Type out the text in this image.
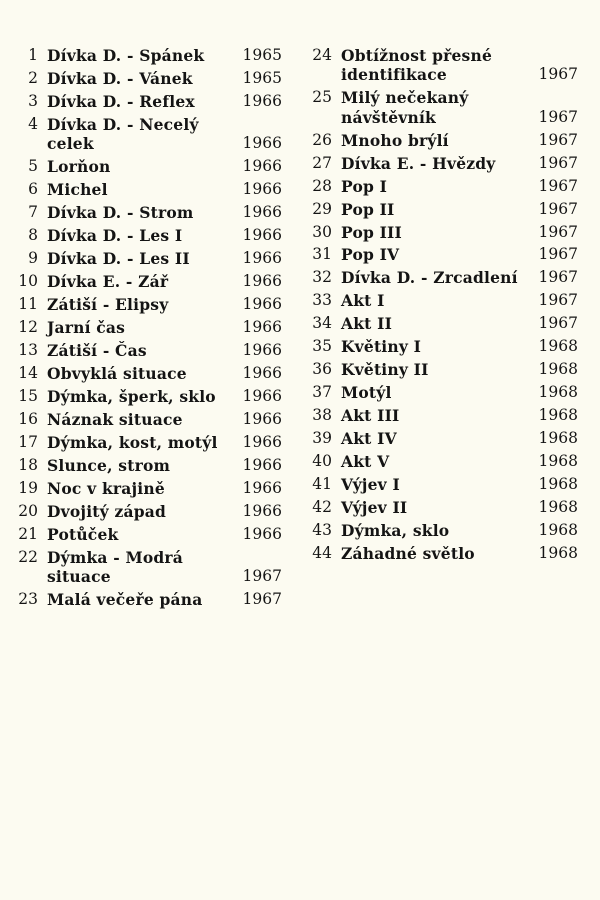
1 Dívka D. - Spánek	1965
2 Dívka D. - Vánek	1965
3 Dívka D. - Reflex	1966
4 Dívka D. - Necelý celek	1966
5 Lorňon	1966
6 Michel	1966
7 Dívka D. - Strom	1966
8 Dívka D. - Les I	1966
9 Dívka D. - Les II	1966
10 Dívka E. - Zář	1966
11 Zátiší - Elipsy	1966
12 Jarní čas	1966
13 Zátiší - Čas	1966
14 Obvyklá situace	1966
15 Dýmka, šperk, sklo	1966
16 Náznak situace	1966
17 Dýmka, kost, motýl	1966
18 Slunce, strom	1966
19 Noc v krajině	1966
20 Dvojitý západ	1966
21 Potůček	1966
22 Dýmka - Modrá situace	1967
23 Malá večeře pána	1967
24 Obtížnost přesné identifikace	1967
25 Milý nečekaný návštěvník	1967
26 Mnoho brýlí	1967
27 Dívka E. - Hvězdy	1967
28 Pop I	1967
29 Pop II	1967
30 Pop III	1967
31 Pop IV	1967
32 Dívka D. - Zrcadlení	1967
33 Akt I	1967
34 Akt II	1967
35 Květiny I	1968
36 Květiny II	1968
37 Motýl	1968
38 Akt III	1968
39 Akt IV	1968
40 Akt V	1968
41 Výjev I	1968
42 Výjev II	1968
43 Dýmka, sklo	1968
44 Záhadné světlo	1968
